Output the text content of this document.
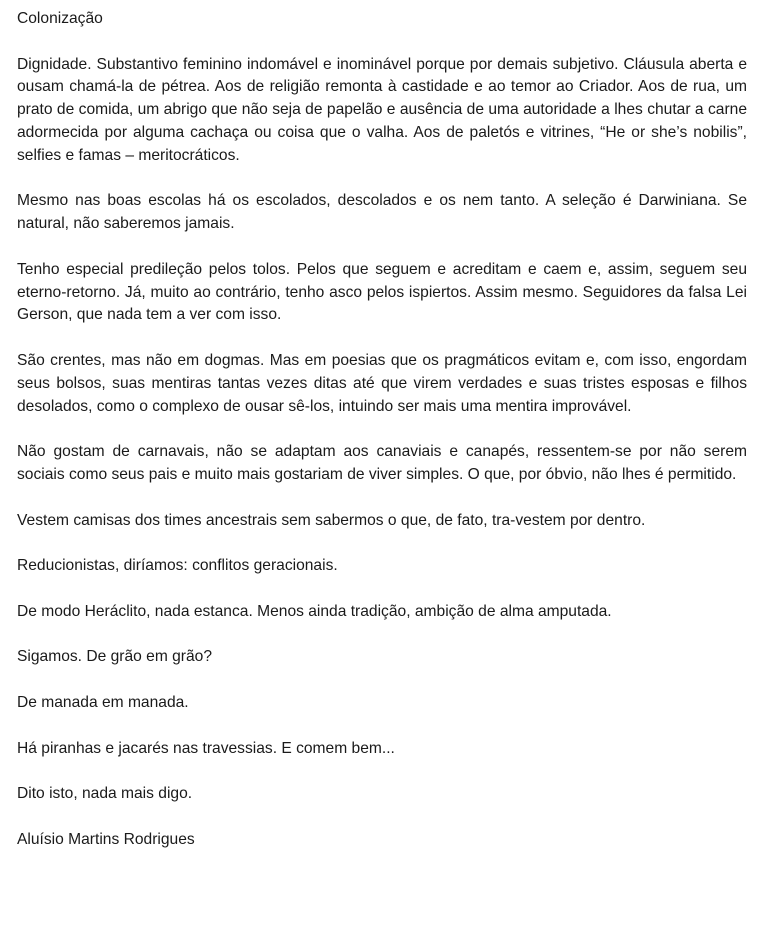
Colonização

Dignidade. Substantivo feminino indomável e inominável porque por demais subjetivo. Cláusula aberta e ousam chamá-la de pétrea. Aos de religião remonta à castidade e ao temor ao Criador. Aos de rua, um prato de comida, um abrigo que não seja de papelão e ausência de uma autoridade a lhes chutar a carne adormecida por alguma cachaça ou coisa que o valha. Aos de paletós e vitrines, “He or she’s nobilis”, selfies e famas – meritocráticos.

Mesmo nas boas escolas há os escolados, descolados e os nem tanto. A seleção é Darwiniana. Se natural, não saberemos jamais.

Tenho especial predileção pelos tolos. Pelos que seguem e acreditam e caem e, assim, seguem seu eterno-retorno. Já, muito ao contrário, tenho asco pelos ispiertos. Assim mesmo. Seguidores da falsa Lei Gerson, que nada tem a ver com isso.

São crentes, mas não em dogmas. Mas em poesias que os pragmáticos evitam e, com isso, engordam seus bolsos, suas mentiras tantas vezes ditas até que virem verdades e suas tristes esposas e filhos desolados, como o complexo de ousar sê-los, intuindo ser mais uma mentira improvável.

Não gostam de carnavais, não se adaptam aos canaviais e canapés, ressentem-se por não serem sociais como seus pais e muito mais gostariam de viver simples. O que, por óbvio, não lhes é permitido.

Vestem camisas dos times ancestrais sem sabermos o que, de fato, tra-vestem por dentro.

Reducionistas, diríamos: conflitos geracionais.

De modo Heráclito, nada estanca. Menos ainda tradição, ambição de alma amputada.

Sigamos. De grão em grão?

De manada em manada.

Há piranhas e jacarés nas travessias. E comem bem...

Dito isto, nada mais digo.

Aluísio Martins Rodrigues
